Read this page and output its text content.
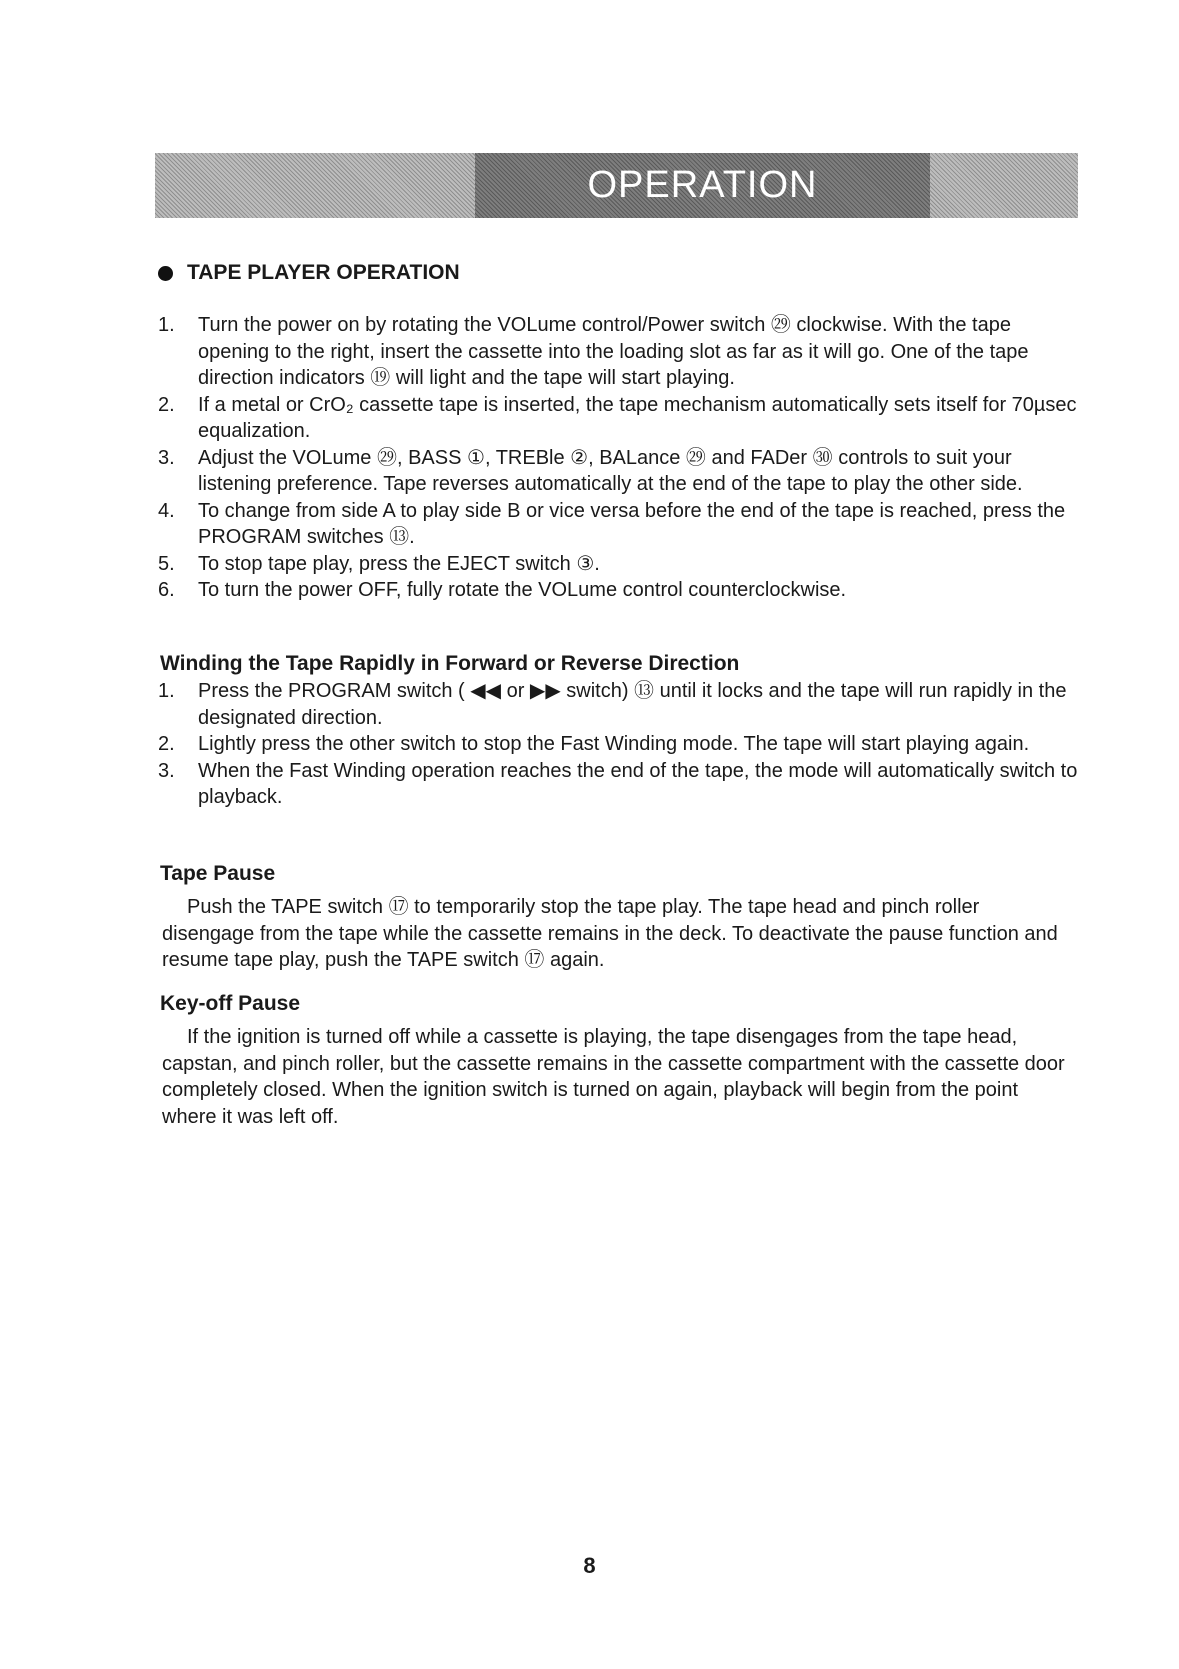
OPERATION
TAPE PLAYER OPERATION
1. Turn the power on by rotating the VOLume control/Power switch ㉙ clockwise. With the tape opening to the right, insert the cassette into the loading slot as far as it will go. One of the tape direction indicators ⑲ will light and the tape will start playing.
2. If a metal or CrO₂ cassette tape is inserted, the tape mechanism automatically sets itself for 70µsec equalization.
3. Adjust the VOLume ㉙, BASS ①, TREBle ②, BALance ㉙ and FADer ㉚ controls to suit your listening preference. Tape reverses automatically at the end of the tape to play the other side.
4. To change from side A to play side B or vice versa before the end of the tape is reached, press the PROGRAM switches ⑬.
5. To stop tape play, press the EJECT switch ③.
6. To turn the power OFF, fully rotate the VOLume control counterclockwise.
Winding the Tape Rapidly in Forward or Reverse Direction
1. Press the PROGRAM switch ( ◀◀ or ▶▶ switch) ⑬ until it locks and the tape will run rapidly in the designated direction.
2. Lightly press the other switch to stop the Fast Winding mode. The tape will start playing again.
3. When the Fast Winding operation reaches the end of the tape, the mode will automatically switch to playback.
Tape Pause

Push the TAPE switch ⑰ to temporarily stop the tape play. The tape head and pinch roller disengage from the tape while the cassette remains in the deck. To deactivate the pause function and resume tape play, push the TAPE switch ⑰ again.

Key-off Pause

If the ignition is turned off while a cassette is playing, the tape disengages from the tape head, capstan, and pinch roller, but the cassette remains in the cassette compartment with the cassette door completely closed. When the ignition switch is turned on again, playback will begin from the point where it was left off.

8
